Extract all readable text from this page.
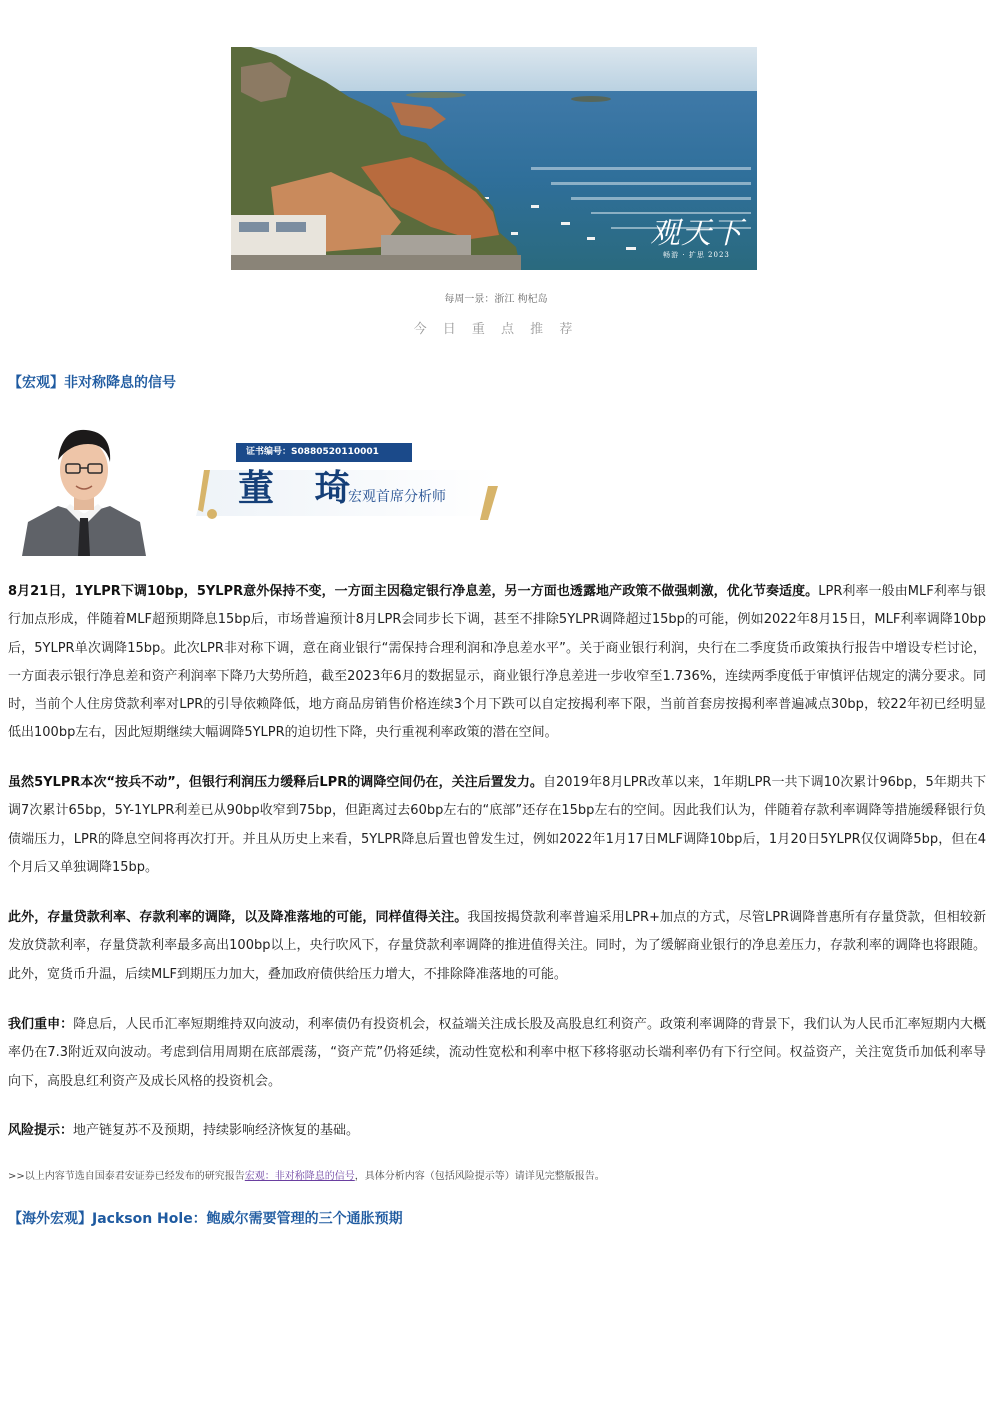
观天下
畅游 · 扩思 2023
每周一景：浙江 枸杞岛
今 日 重 点 推 荐
【宏观】非对称降息的信号
证书编号：S0880520110001
董 琦
宏观首席分析师

8月21日，1YLPR下调10bp，5YLPR意外保持不变，一方面主因稳定银行净息差，另一方面也透露地产政策不做强刺激，优化节奏适度。LPR利率一般由MLF利率与银行加点形成，伴随着MLF超预期降息15bp后，市场普遍预计8月LPR会同步长下调，甚至不排除5YLPR调降超过15bp的可能，例如2022年8月15日，MLF利率调降10bp后，5YLPR单次调降15bp。此次LPR非对称下调，意在商业银行“需保持合理利润和净息差水平”。关于商业银行利润，央行在二季度货币政策执行报告中增设专栏讨论，一方面表示银行净息差和资产利润率下降乃大势所趋，截至2023年6月的数据显示，商业银行净息差进一步收窄至1.736%，连续两季度低于审慎评估规定的满分要求。同时，当前个人住房贷款利率对LPR的引导依赖降低，地方商品房销售价格连续3个月下跌可以自定按揭利率下限，当前首套房按揭利率普遍减点30bp，较22年初已经明显低出100bp左右，因此短期继续大幅调降5YLPR的迫切性下降，央行重视利率政策的潜在空间。

虽然5YLPR本次“按兵不动”，但银行利润压力缓释后LPR的调降空间仍在，关注后置发力。自2019年8月LPR改革以来，1年期LPR一共下调10次累计96bp，5年期共下调7次累计65bp，5Y-1YLPR利差已从90bp收窄到75bp，但距离过去60bp左右的“底部”还存在15bp左右的空间。因此我们认为，伴随着存款利率调降等措施缓释银行负债端压力，LPR的降息空间将再次打开。并且从历史上来看，5YLPR降息后置也曾发生过，例如2022年1月17日MLF调降10bp后，1月20日5YLPR仅仅调降5bp，但在4个月后又单独调降15bp。

此外，存量贷款利率、存款利率的调降，以及降准落地的可能，同样值得关注。我国按揭贷款利率普遍采用LPR+加点的方式，尽管LPR调降普惠所有存量贷款，但相较新发放贷款利率，存量贷款利率最多高出100bp以上，央行吹风下，存量贷款利率调降的推进值得关注。同时，为了缓解商业银行的净息差压力，存款利率的调降也将跟随。此外，宽货币升温，后续MLF到期压力加大，叠加政府债供给压力增大，不排除降准落地的可能。

我们重申：降息后，人民币汇率短期维持双向波动，利率债仍有投资机会，权益端关注成长股及高股息红利资产。政策利率调降的背景下，我们认为人民币汇率短期内大概率仍在7.3附近双向波动。考虑到信用周期在底部震荡，“资产荒”仍将延续，流动性宽松和利率中枢下移将驱动长端利率仍有下行空间。权益资产，关注宽货币加低利率导向下，高股息红利资产及成长风格的投资机会。

风险提示：地产链复苏不及预期，持续影响经济恢复的基础。

>>以上内容节选自国泰君安证券已经发布的研究报告宏观：非对称降息的信号，具体分析内容（包括风险提示等）请详见完整版报告。
【海外宏观】Jackson Hole：鲍威尔需要管理的三个通胀预期
